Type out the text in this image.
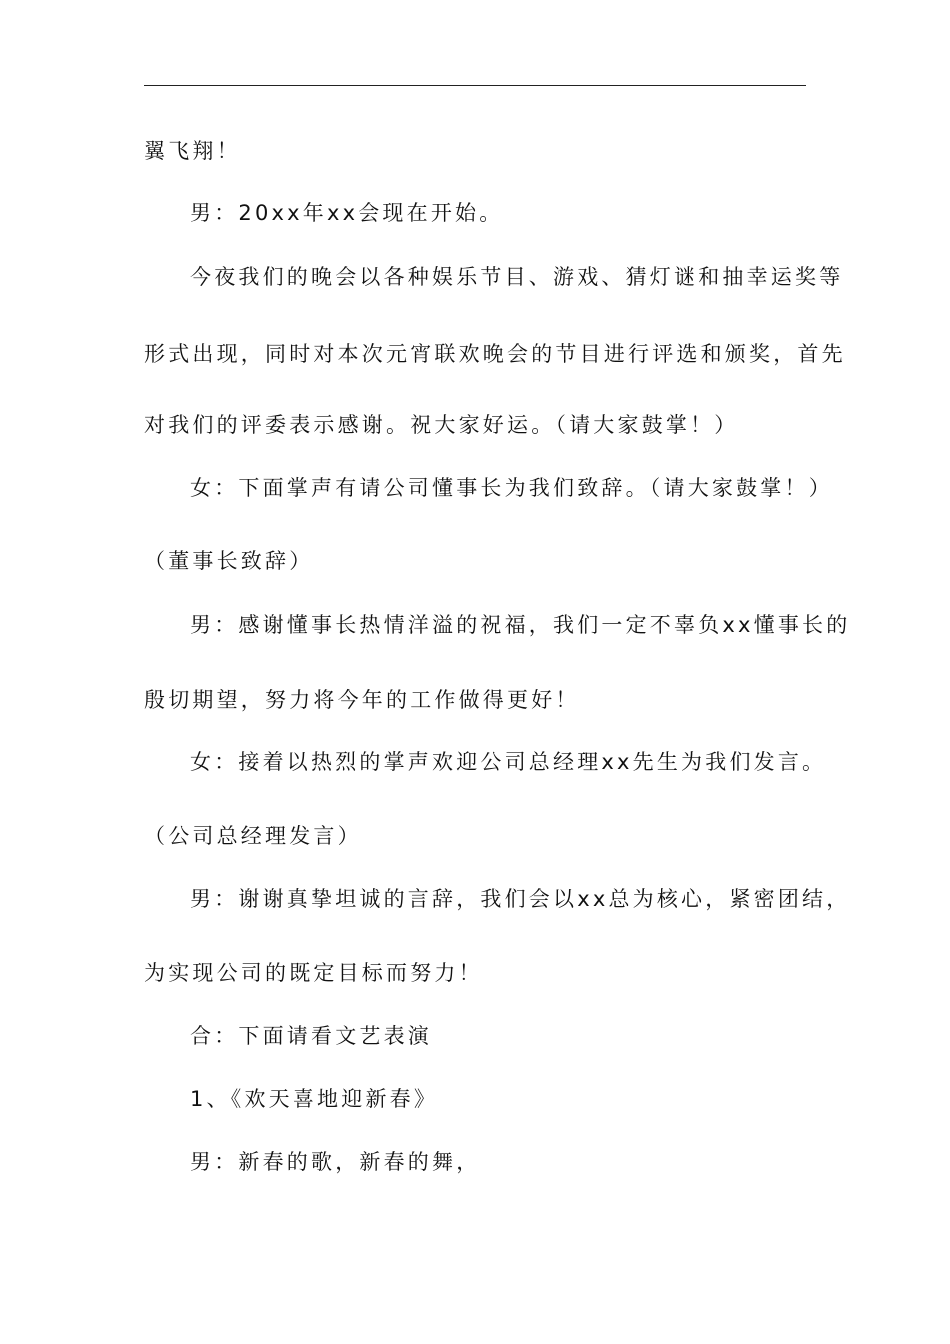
翼飞翔！
男：20xx年xx会现在开始。
今夜我们的晚会以各种娱乐节目、游戏、猜灯谜和抽幸运奖等
形式出现，同时对本次元宵联欢晚会的节目进行评选和颁奖，首先
对我们的评委表示感谢。祝大家好运。（请大家鼓掌！）
女：下面掌声有请公司懂事长为我们致辞。（请大家鼓掌！）
（董事长致辞）
男：感谢懂事长热情洋溢的祝福，我们一定不辜负xx懂事长的
殷切期望，努力将今年的工作做得更好！
女：接着以热烈的掌声欢迎公司总经理xx先生为我们发言。
（公司总经理发言）
男：谢谢真挚坦诚的言辞，我们会以xx总为核心，紧密团结，
为实现公司的既定目标而努力！
合：下面请看文艺表演
1、《欢天喜地迎新春》
男：新春的歌，新春的舞，
